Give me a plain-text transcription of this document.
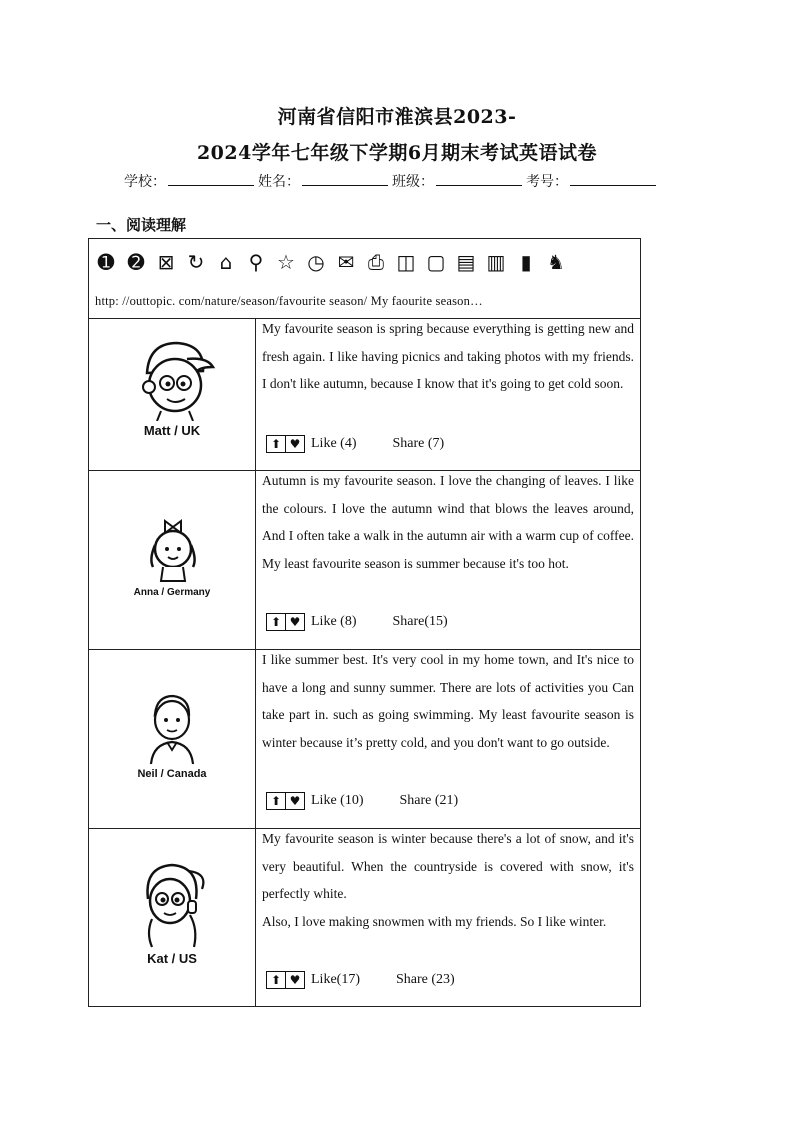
河南省信阳市淮滨县2023-
2024学年七年级下学期6月期末考试英语试卷
学校：	姓名：	班级：	考号：
一、阅读理解
➊ ➋ ⊠ ↻ ⌂ ⚲ ☆ ◷ ✉ ⎙ ◫ ▢ ▤ ▥ ▮ ♞
http: //outtopic. com/nature/season/favourite season/ My faourite season…
Matt / UK
My favourite season is spring because everything is getting new and fresh again. I like having picnics and taking photos with my friends. I don't like autumn, because I know that it's going to get cold soon.
⬆ ♥ Like (4)	Share (7)
Anna / Germany
Autumn is my favourite season. I love the changing of leaves. I like the colours. I love the autumn wind that blows the leaves around, And I often take a walk in the autumn air with a warm cup of coffee. My least favourite season is summer because it's too hot.
⬆ ♥ Like (8)	Share(15)
Neil / Canada
I like summer best. It's very cool in my home town, and It's nice to have a long and sunny summer. There are lots of activities you Can take part in. such as going swimming. My least favourite season is winter because it’s pretty cold, and you don't want to go outside.
⬆ ♥ Like (10)	Share (21)
Kat / US
My favourite season is winter because there's a lot of snow, and it's very beautiful. When the countryside is covered with snow, it's perfectly white.
Also, I love making snowmen with my friends. So I like winter.
⬆ ♥ Like(17)	Share (23)
